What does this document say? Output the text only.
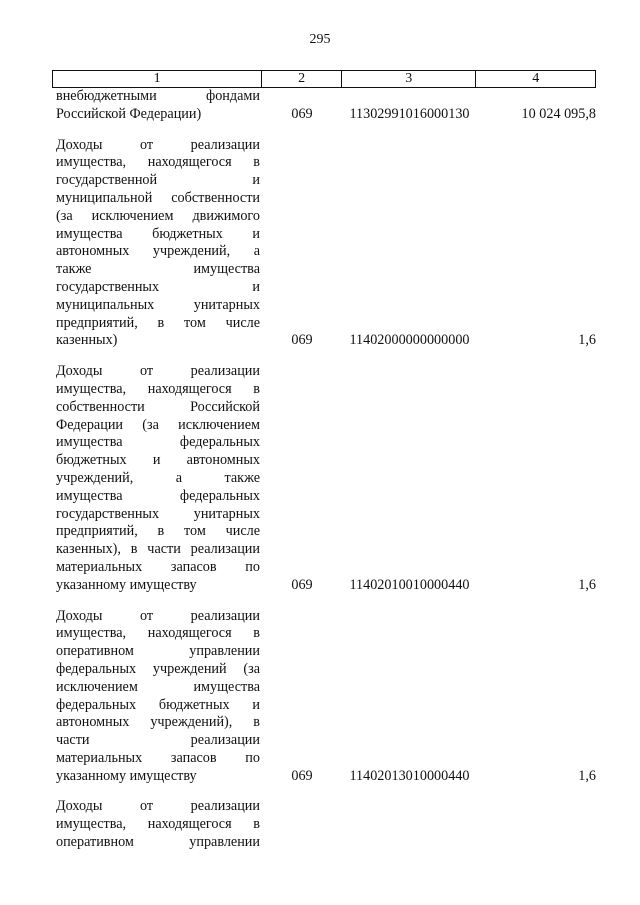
295
1	2	3	4
внебюджетными фондами
Российской Федерации)	069	11302991016000130	10 024 095,8
Доходы от реализации
имущества, находящегося в
государственной и
муниципальной собственности
(за исключением движимого
имущества бюджетных и
автономных учреждений, а
также имущества
государственных и
муниципальных унитарных
предприятий, в том числе
казенных)	069	11402000000000000	1,6
Доходы от реализации
имущества, находящегося в
собственности Российской
Федерации (за исключением
имущества федеральных
бюджетных и автономных
учреждений, а также
имущества федеральных
государственных унитарных
предприятий, в том числе
казенных), в части реализации
материальных запасов по
указанному имуществу	069	11402010010000440	1,6
Доходы от реализации
имущества, находящегося в
оперативном управлении
федеральных учреждений (за
исключением имущества
федеральных бюджетных и
автономных учреждений), в
части реализации
материальных запасов по
указанному имуществу	069	11402013010000440	1,6
Доходы от реализации
имущества, находящегося в
оперативном управлении
